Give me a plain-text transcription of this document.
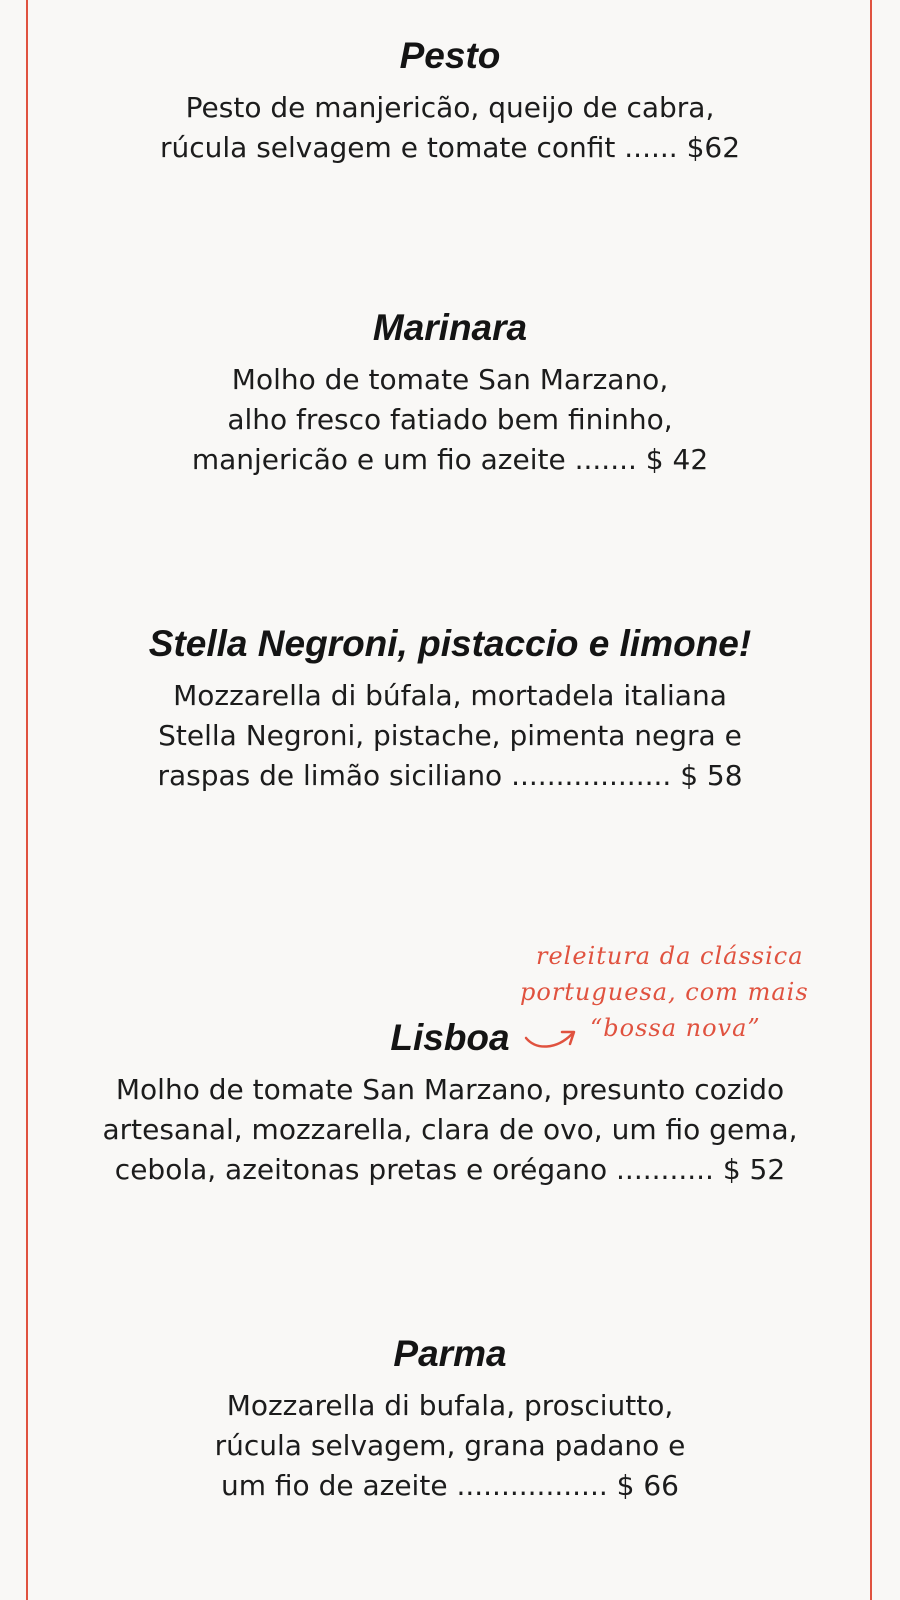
Pesto

Pesto de manjericão, queijo de cabra,
rúcula selvagem e tomate confit ...... $62

Marinara

Molho de tomate San Marzano,
alho fresco fatiado bem fininho,
manjericão e um fio azeite ....... $ 42

Stella Negroni, pistaccio e limone!

Mozzarella di búfala, mortadela italiana
Stella Negroni, pistache, pimenta negra e
raspas de limão siciliano .................. $ 58

releitura da clássica
portuguesa, com mais
“bossa nova”
Lisboa

Molho de tomate San Marzano, presunto cozido
artesanal, mozzarella, clara de ovo, um fio gema,
cebola, azeitonas pretas e orégano ........... $ 52

Parma

Mozzarella di bufala, prosciutto,
rúcula selvagem, grana padano e
um fio de azeite ................. $ 66
